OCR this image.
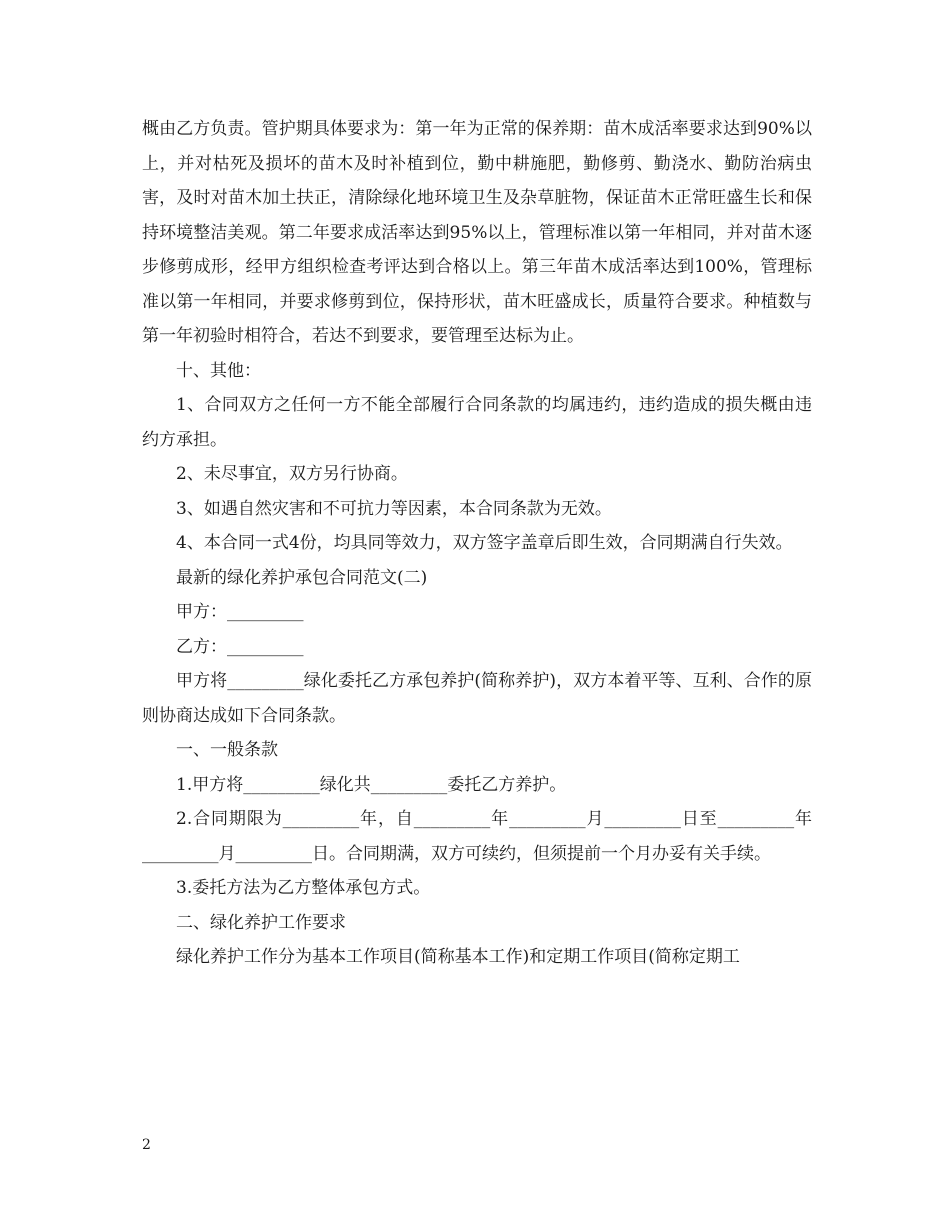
概由乙方负责。管护期具体要求为：第一年为正常的保养期：苗木成活率要求达到90%以上，并对枯死及损坏的苗木及时补植到位，勤中耕施肥，勤修剪、勤浇水、勤防治病虫害，及时对苗木加土扶正，清除绿化地环境卫生及杂草脏物，保证苗木正常旺盛生长和保持环境整洁美观。第二年要求成活率达到95%以上，管理标准以第一年相同，并对苗木逐步修剪成形，经甲方组织检查考评达到合格以上。第三年苗木成活率达到100%，管理标准以第一年相同，并要求修剪到位，保持形状，苗木旺盛成长，质量符合要求。种植数与第一年初验时相符合，若达不到要求，要管理至达标为止。

十、其他：

1、合同双方之任何一方不能全部履行合同条款的均属违约，违约造成的损失概由违约方承担。

2、未尽事宜，双方另行协商。

3、如遇自然灾害和不可抗力等因素，本合同条款为无效。

4、本合同一式4份，均具同等效力，双方签字盖章后即生效，合同期满自行失效。

最新的绿化养护承包合同范文(二)

甲方：_________

乙方：_________

甲方将_________绿化委托乙方承包养护(简称养护)，双方本着平等、互利、合作的原则协商达成如下合同条款。

一、一般条款

1.甲方将_________绿化共_________委托乙方养护。

2.合同期限为_________年，自_________年_________月_________日至_________年_________月_________日。合同期满，双方可续约，但须提前一个月办妥有关手续。

3.委托方法为乙方整体承包方式。

二、绿化养护工作要求

绿化养护工作分为基本工作项目(简称基本工作)和定期工作项目(简称定期工

2
